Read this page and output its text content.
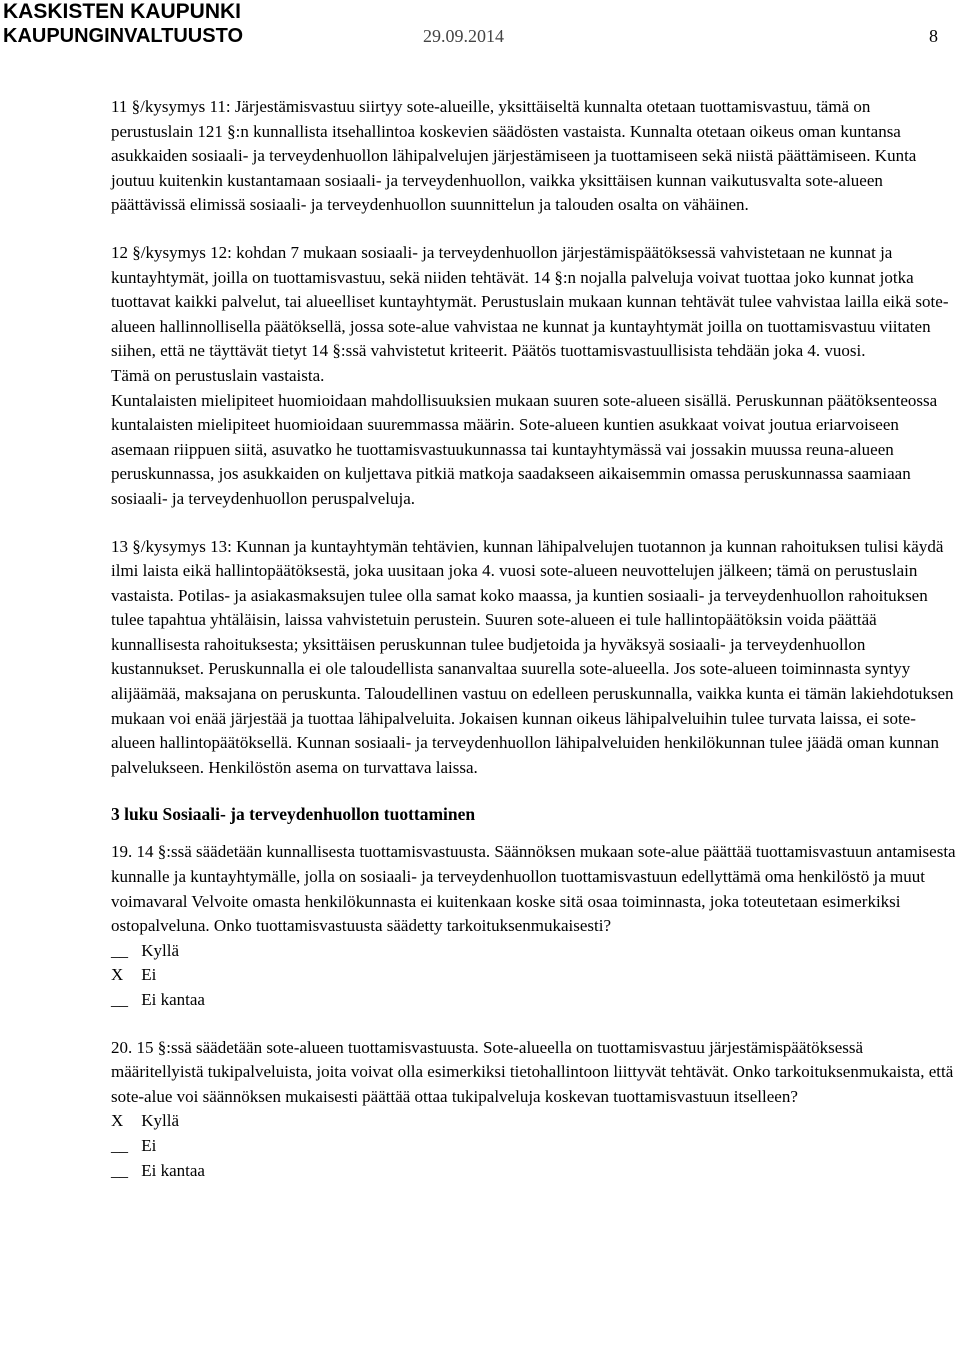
KASKISTEN KAUPUNKI
KAUPUNGINVALTUUSTO	29.09.2014	8

11 §/kysymys 11: Järjestämisvastuu siirtyy sote-alueille, yksittäiseltä kunnalta otetaan tuottamisvastuu, tämä on perustuslain 121 §:n kunnallista itsehallintoa koskevien säädösten vastaista. Kunnalta otetaan oikeus oman kuntansa asukkaiden sosiaali- ja terveydenhuollon lähipalvelujen järjestämiseen ja tuottamiseen sekä niistä päättämiseen. Kunta joutuu kuitenkin kustantamaan sosiaali- ja terveydenhuollon, vaikka yksittäisen kunnan vaikutusvalta sote-alueen päättävissä elimissä sosiaali- ja terveydenhuollon suunnittelun ja talouden osalta on vähäinen.

12 §/kysymys 12: kohdan 7 mukaan sosiaali- ja terveydenhuollon järjestämispäätöksessä vahvistetaan ne kunnat ja kuntayhtymät, joilla on tuottamisvastuu, sekä niiden tehtävät. 14 §:n nojalla palveluja voivat tuottaa joko kunnat jotka tuottavat kaikki palvelut, tai alueelliset kuntayhtymät. Perustuslain mukaan kunnan tehtävät tulee vahvistaa lailla eikä sote-alueen hallinnollisella päätöksellä, jossa sote-alue vahvistaa ne kunnat ja kuntayhtymät joilla on tuottamisvastuu viitaten siihen, että ne täyttävät tietyt 14 §:ssä vahvistetut kriteerit. Päätös tuottamisvastuullisista tehdään joka 4. vuosi.

Tämä on perustuslain vastaista.

Kuntalaisten mielipiteet huomioidaan mahdollisuuksien mukaan suuren sote-alueen sisällä. Peruskunnan päätöksenteossa kuntalaisten mielipiteet huomioidaan suuremmassa määrin. Sote-alueen kuntien asukkaat voivat joutua eriarvoiseen asemaan riippuen siitä, asuvatko he tuottamisvastuukunnassa tai kuntayhtymässä vai jossakin muussa reuna-alueen peruskunnassa, jos asukkaiden on kuljettava pitkiä matkoja saadakseen aikaisemmin omassa peruskunnassa saamiaan sosiaali- ja terveydenhuollon peruspalveluja.

13 §/kysymys 13: Kunnan ja kuntayhtymän tehtävien, kunnan lähipalvelujen tuotannon ja kunnan rahoituksen tulisi käydä ilmi laista eikä hallintopäätöksestä, joka uusitaan joka 4. vuosi sote-alueen neuvottelujen jälkeen; tämä on perustuslain vastaista. Potilas- ja asiakasmaksujen tulee olla samat koko maassa, ja kuntien sosiaali- ja terveydenhuollon rahoituksen tulee tapahtua yhtäläisin, laissa vahvistetuin perustein. Suuren sote-alueen ei tule hallintopäätöksin voida päättää kunnallisesta rahoituksesta; yksittäisen peruskunnan tulee budjetoida ja hyväksyä sosiaali- ja terveydenhuollon kustannukset. Peruskunnalla ei ole taloudellista sananvaltaa suurella sote-alueella. Jos sote-alueen toiminnasta syntyy alijäämää, maksajana on peruskunta. Taloudellinen vastuu on edelleen peruskunnalla, vaikka kunta ei tämän lakiehdotuksen mukaan voi enää järjestää ja tuottaa lähipalveluita. Jokaisen kunnan oikeus lähipalveluihin tulee turvata laissa, ei sote-alueen hallintopäätöksellä. Kunnan sosiaali- ja terveydenhuollon lähipalveluiden henkilökunnan tulee jäädä oman kunnan palvelukseen. Henkilöstön asema on turvattava laissa.

3 luku Sosiaali- ja terveydenhuollon tuottaminen

19. 14 §:ssä säädetään kunnallisesta tuottamisvastuusta. Säännöksen mukaan sote-alue päättää tuottamisvastuun antamisesta kunnalle ja kuntayhtymälle, jolla on sosiaali- ja terveydenhuollon tuottamisvastuun edellyttämä oma henkilöstö ja muut voimavaral Velvoite omasta henkilökunnasta ei kuitenkaan koske sitä osaa toiminnasta, joka toteutetaan esimerkiksi ostopalveluna. Onko tuottamisvastuusta säädetty tarkoituksenmukaisesti?

__ Kyllä
X Ei
__ Ei kantaa

20. 15 §:ssä säädetään sote-alueen tuottamisvastuusta. Sote-alueella on tuottamisvastuu järjestämispäätöksessä määritellyistä tukipalveluista, joita voivat olla esimerkiksi tietohallintoon liittyvät tehtävät. Onko tarkoituksenmukaista, että sote-alue voi säännöksen mukaisesti päättää ottaa tukipalveluja koskevan tuottamisvastuun itselleen?

X Kyllä
__ Ei
__ Ei kantaa
